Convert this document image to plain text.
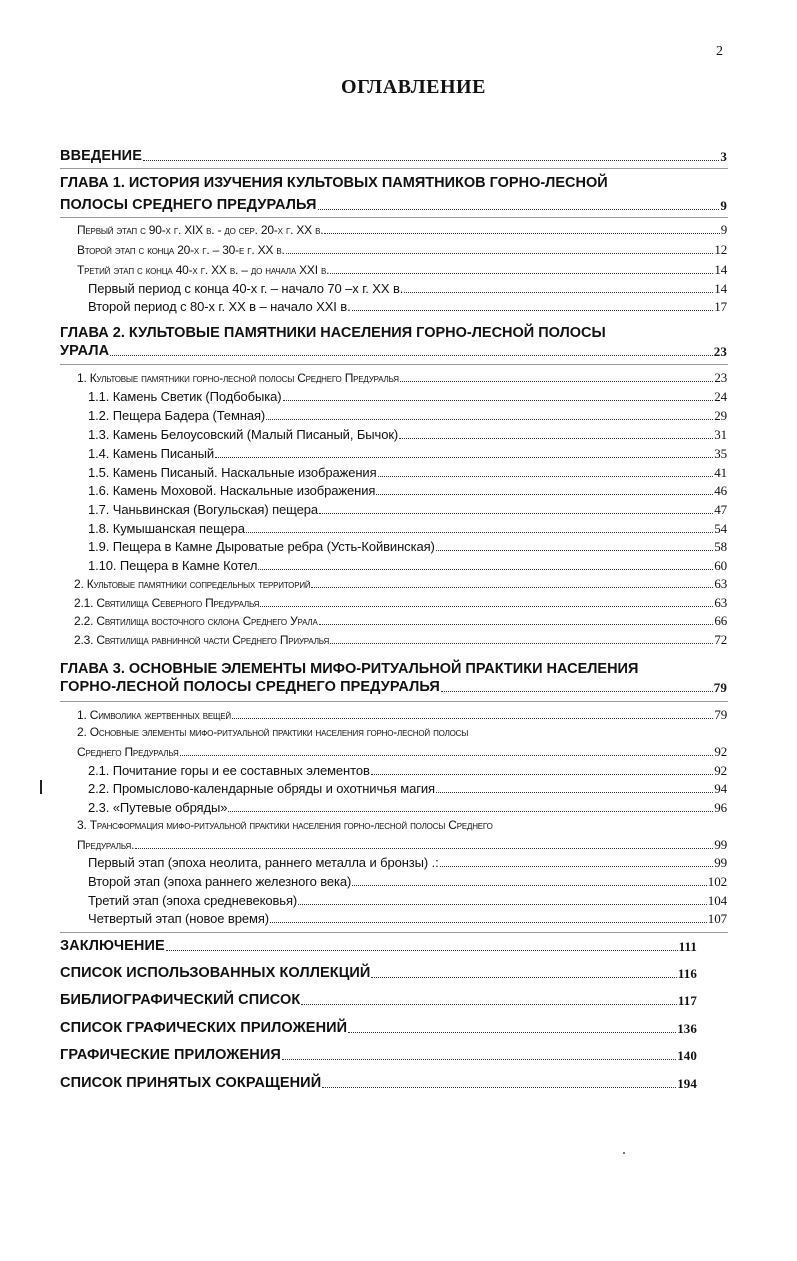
2
ОГЛАВЛЕНИЕ
ВВЕДЕНИЕ	3
ГЛАВА 1. ИСТОРИЯ ИЗУЧЕНИЯ КУЛЬТОВЫХ ПАМЯТНИКОВ ГОРНО-ЛЕСНОЙ
ПОЛОСЫ СРЕДНЕГО ПРЕДУРАЛЬЯ	9
Первый этап с 90-х г. XIX в. - до сер. 20-х г. XX в.	9
Второй этап с конца 20-х г. – 30-е г. XX в.	12
Третий этап с конца 40-х г. XX в. – до начала XXI в.	14
Первый период с конца 40-х г. – начало 70 –х г. XX в.	14
Второй период с 80-х г. XX в – начало XXI в.	17
ГЛАВА 2. КУЛЬТОВЫЕ ПАМЯТНИКИ НАСЕЛЕНИЯ ГОРНО-ЛЕСНОЙ ПОЛОСЫ
УРАЛА	23
1. Культовые памятники горно-лесной полосы Среднего Предуралья	23
1.1. Камень Светик (Подбобыка)	24
1.2. Пещера Бадера (Темная)	29
1.3. Камень Белоусовский (Малый Писаный, Бычок)	31
1.4. Камень Писаный	35
1.5. Камень Писаный. Наскальные изображения	41
1.6. Камень Моховой. Наскальные изображения	46
1.7. Чаньвинская (Вогульская) пещера	47
1.8. Кумышанская пещера	54
1.9. Пещера в Камне Дыроватые ребра (Усть-Койвинская)	58
1.10. Пещера в Камне Котел	60
2. Культовые памятники сопредельных территорий	63
2.1. Святилища Северного Предуралья	63
2.2. Святилища восточного склона Среднего Урала	66
2.3. Святилища равнинной части Среднего Приуралья	72
ГЛАВА 3. ОСНОВНЫЕ ЭЛЕМЕНТЫ МИФО-РИТУАЛЬНОЙ ПРАКТИКИ НАСЕЛЕНИЯ
ГОРНО-ЛЕСНОЙ ПОЛОСЫ СРЕДНЕГО ПРЕДУРАЛЬЯ	79
1. Символика жертвенных вещей	79
2. Основные элементы мифо-ритуальной практики населения горно-лесной полосы
Среднего Предуралья	92
2.1. Почитание горы и ее составных элементов	92
2.2. Промыслово-календарные обряды и охотничья магия	94
2.3. «Путевые обряды»	96
3. Трансформация мифо-ритуальной практики населения горно-лесной полосы Среднего
Предуралья.	99
Первый этап (эпоха неолита, раннего металла и бронзы) .:	99
Второй этап (эпоха раннего железного века)	102
Третий этап (эпоха средневековья)	104
Четвертый этап (новое время)	107
ЗАКЛЮЧЕНИЕ	111
СПИСОК ИСПОЛЬЗОВАННЫХ КОЛЛЕКЦИЙ	116
БИБЛИОГРАФИЧЕСКИЙ СПИСОК	117
СПИСОК ГРАФИЧЕСКИХ ПРИЛОЖЕНИЙ	136
ГРАФИЧЕСКИЕ ПРИЛОЖЕНИЯ	140
СПИСОК ПРИНЯТЫХ СОКРАЩЕНИЙ	194
